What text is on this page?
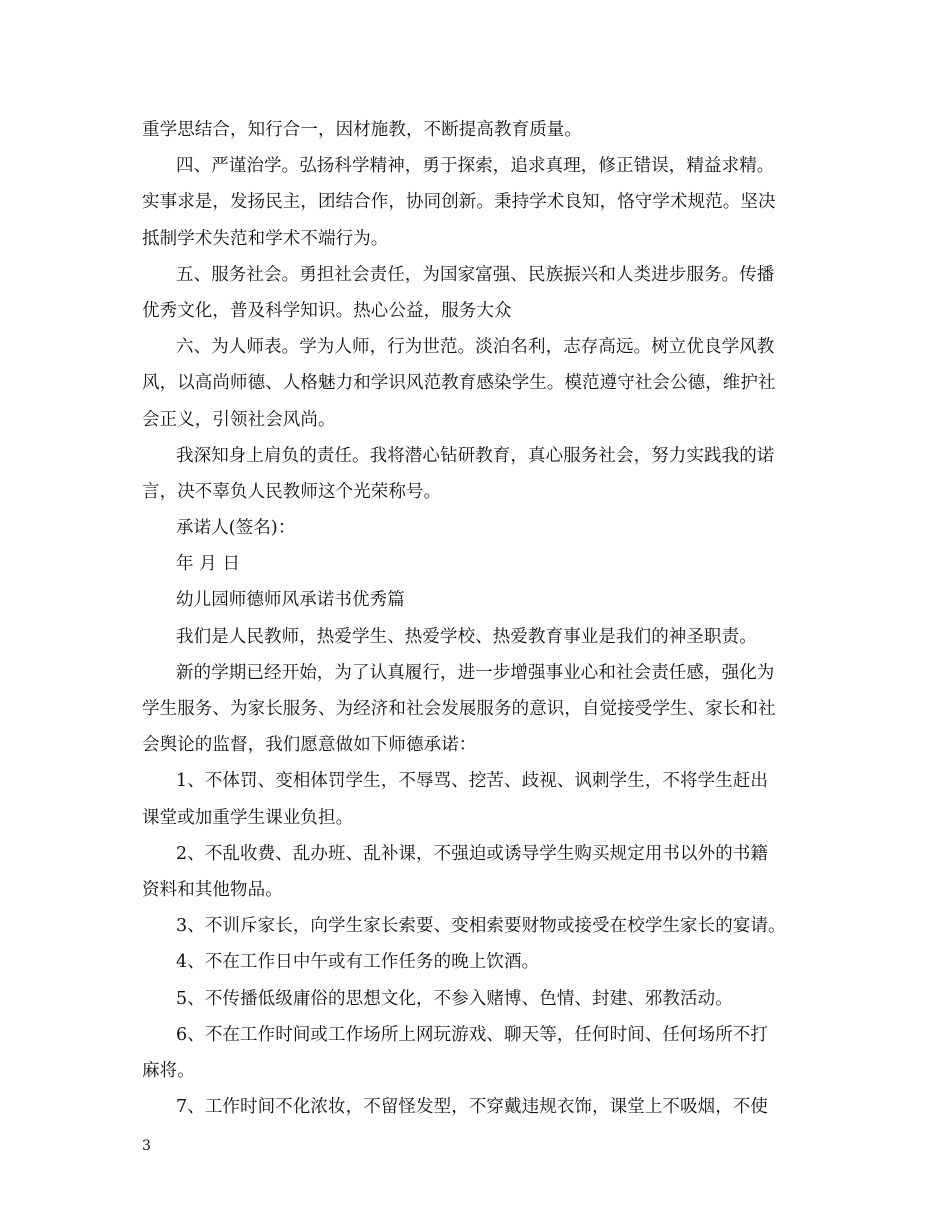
重学思结合，知行合一，因材施教，不断提高教育质量。
四、严谨治学。弘扬科学精神，勇于探索，追求真理，修正错误，精益求精。
实事求是，发扬民主，团结合作，协同创新。秉持学术良知，恪守学术规范。坚决
抵制学术失范和学术不端行为。
五、服务社会。勇担社会责任，为国家富强、民族振兴和人类进步服务。传播
优秀文化，普及科学知识。热心公益，服务大众
六、为人师表。学为人师，行为世范。淡泊名利，志存高远。树立优良学风教
风，以高尚师德、人格魅力和学识风范教育感染学生。模范遵守社会公德，维护社
会正义，引领社会风尚。
我深知身上肩负的责任。我将潜心钻研教育，真心服务社会，努力实践我的诺
言，决不辜负人民教师这个光荣称号。
承诺人(签名)：
年 月 日
幼儿园师德师风承诺书优秀篇
我们是人民教师，热爱学生、热爱学校、热爱教育事业是我们的神圣职责。
新的学期已经开始，为了认真履行，进一步增强事业心和社会责任感，强化为
学生服务、为家长服务、为经济和社会发展服务的意识，自觉接受学生、家长和社
会舆论的监督，我们愿意做如下师德承诺：
1、不体罚、变相体罚学生，不辱骂、挖苦、歧视、讽刺学生，不将学生赶出
课堂或加重学生课业负担。
2、不乱收费、乱办班、乱补课，不强迫或诱导学生购买规定用书以外的书籍
资料和其他物品。
3、不训斥家长，向学生家长索要、变相索要财物或接受在校学生家长的宴请。
4、不在工作日中午或有工作任务的晚上饮酒。
5、不传播低级庸俗的思想文化，不参入赌博、色情、封建、邪教活动。
6、不在工作时间或工作场所上网玩游戏、聊天等，任何时间、任何场所不打
麻将。
7、工作时间不化浓妆，不留怪发型，不穿戴违规衣饰，课堂上不吸烟，不使
3
